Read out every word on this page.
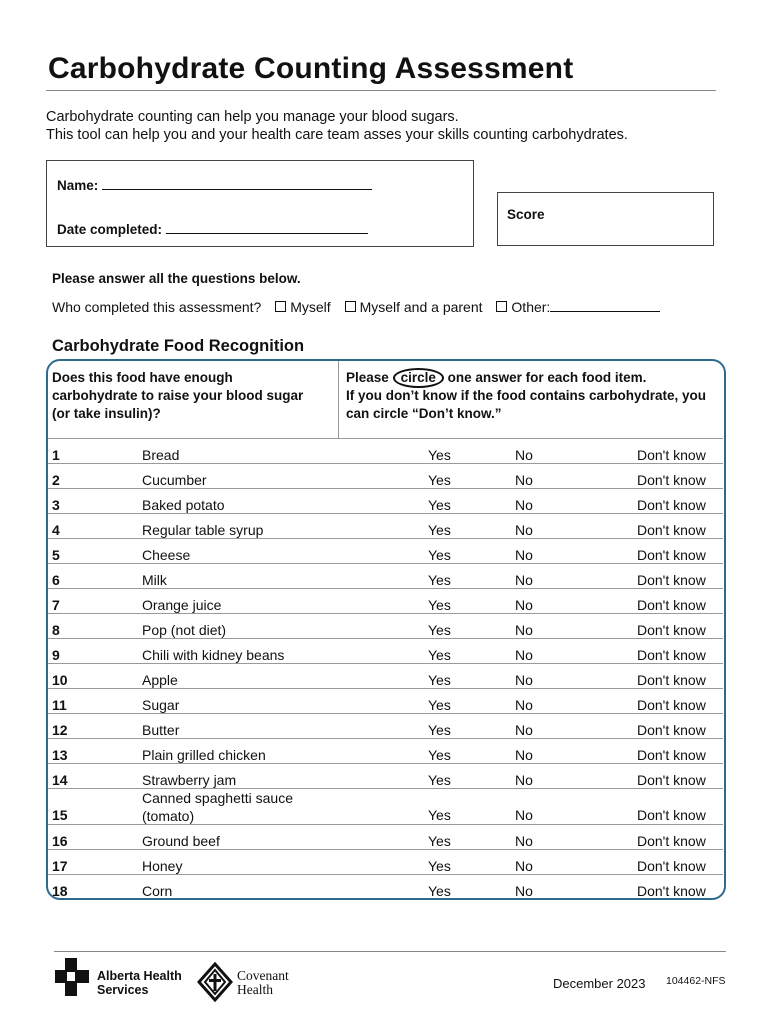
Carbohydrate Counting Assessment
Carbohydrate counting can help you manage your blood sugars.
This tool can help you and your health care team asses your skills counting carbohydrates.
Name:
Date completed:
Score
Please answer all the questions below.
Who completed this assessment? Myself Myself and a parent Other:
Carbohydrate Food Recognition
Does this food have enough carbohydrate to raise your blood sugar (or take insulin)?
Please circle one answer for each food item.
If you don’t know if the food contains carbohydrate, you can circle “Don’t know.”
1	Bread	Yes	No	Don't know
2	Cucumber	Yes	No	Don't know
3	Baked potato	Yes	No	Don't know
4	Regular table syrup	Yes	No	Don't know
5	Cheese	Yes	No	Don't know
6	Milk	Yes	No	Don't know
7	Orange juice	Yes	No	Don't know
8	Pop (not diet)	Yes	No	Don't know
9	Chili with kidney beans	Yes	No	Don't know
10	Apple	Yes	No	Don't know
11	Sugar	Yes	No	Don't know
12	Butter	Yes	No	Don't know
13	Plain grilled chicken	Yes	No	Don't know
14	Strawberry jam	Yes	No	Don't know
15
Canned spaghetti sauce
(tomato)	Yes	No	Don't know
16	Ground beef	Yes	No	Don't know
17	Honey	Yes	No	Don't know
18	Corn	Yes	No	Don't know
Alberta Health
Services
Covenant
Health	December 2023 104462-NFS
